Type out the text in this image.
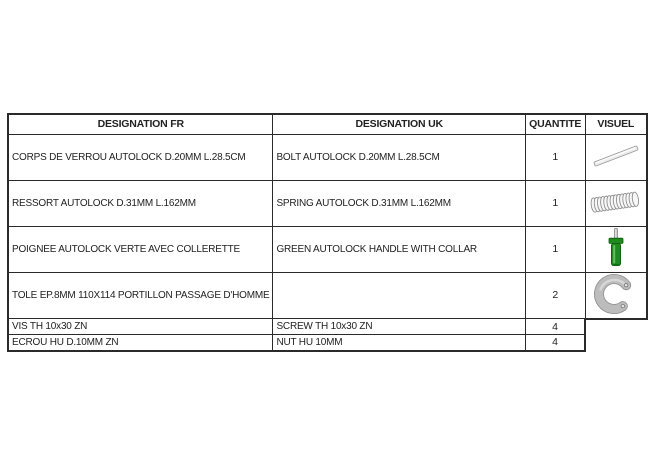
DESIGNATION FR	DESIGNATION UK	QUANTITE	VISUEL
CORPS DE VERROU AUTOLOCK D.20MM L.28.5CM	BOLT AUTOLOCK D.20MM L.28.5CM	1	
RESSORT AUTOLOCK D.31MM L.162MM	SPRING AUTOLOCK D.31MM L.162MM	1	
POIGNEE AUTOLOCK VERTE AVEC COLLERETTE	GREEN AUTOLOCK HANDLE WITH COLLAR	1	
TOLE EP.8MM 110X114 PORTILLON PASSAGE D'HOMME		2	
VIS TH 10x30 ZN	SCREW TH 10x30 ZN	4	
ECROU HU D.10MM ZN	NUT HU 10MM	4	
